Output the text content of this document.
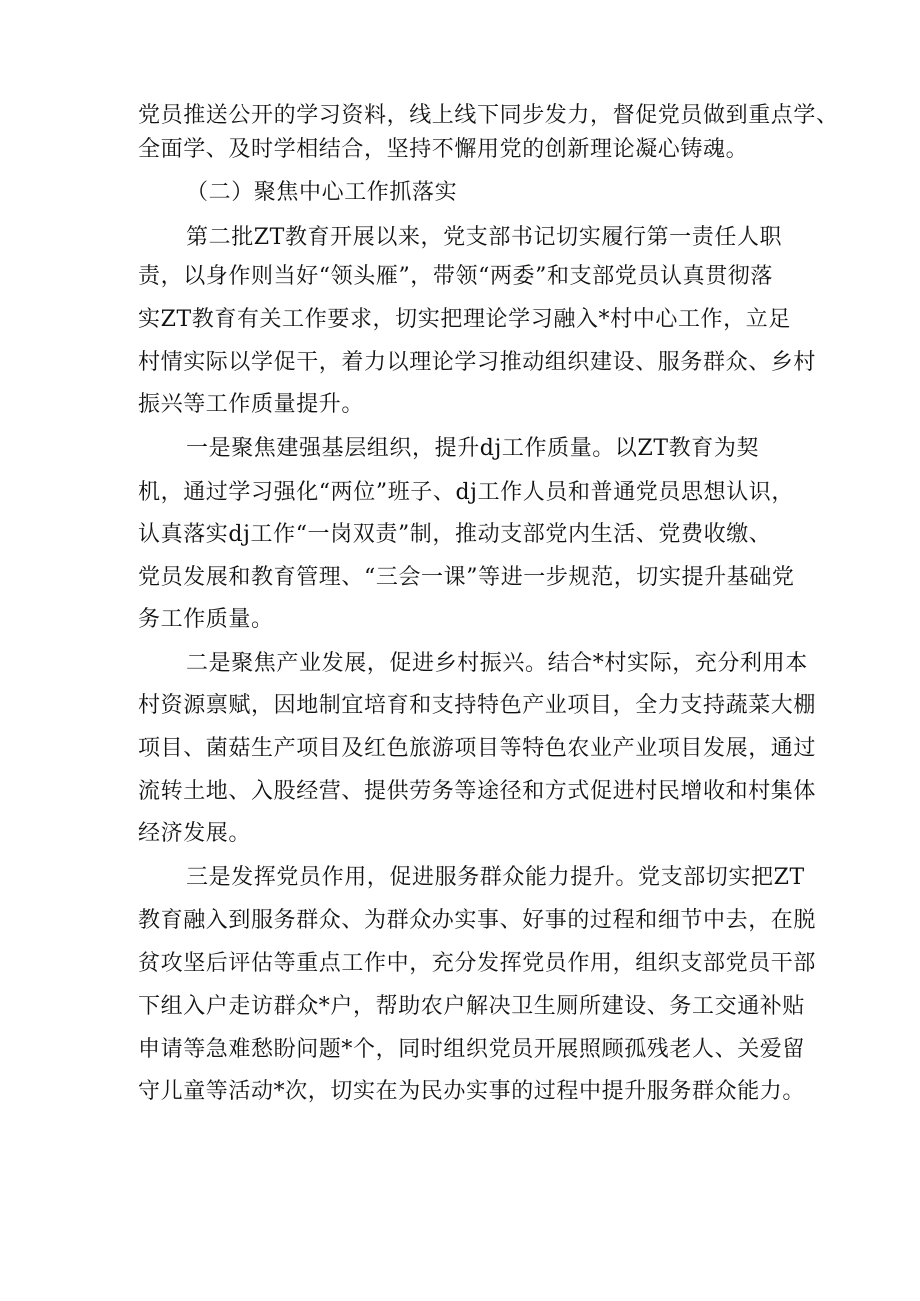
党员推送公开的学习资料，线上线下同步发力，督促党员做到重点学、
全面学、及时学相结合，坚持不懈用党的创新理论凝心铸魂。
（二）聚焦中心工作抓落实
第二批ZT教育开展以来，党支部书记切实履行第一责任人职
责，以身作则当好“领头雁”，带领“两委”和支部党员认真贯彻落
实ZT教育有关工作要求，切实把理论学习融入*村中心工作，立足
村情实际以学促干，着力以理论学习推动组织建设、服务群众、乡村
振兴等工作质量提升。
一是聚焦建强基层组织，提升dj工作质量。以ZT教育为契
机，通过学习强化“两位”班子、dj工作人员和普通党员思想认识，
认真落实dj工作“一岗双责”制，推动支部党内生活、党费收缴、
党员发展和教育管理、“三会一课”等进一步规范，切实提升基础党
务工作质量。
二是聚焦产业发展，促进乡村振兴。结合*村实际，充分利用本
村资源禀赋，因地制宜培育和支持特色产业项目，全力支持蔬菜大棚
项目、菌菇生产项目及红色旅游项目等特色农业产业项目发展，通过
流转土地、入股经营、提供劳务等途径和方式促进村民增收和村集体
经济发展。
三是发挥党员作用，促进服务群众能力提升。党支部切实把ZT
教育融入到服务群众、为群众办实事、好事的过程和细节中去，在脱
贫攻坚后评估等重点工作中，充分发挥党员作用，组织支部党员干部
下组入户走访群众*户，帮助农户解决卫生厕所建设、务工交通补贴
申请等急难愁盼问题*个，同时组织党员开展照顾孤残老人、关爱留
守儿童等活动*次，切实在为民办实事的过程中提升服务群众能力。
